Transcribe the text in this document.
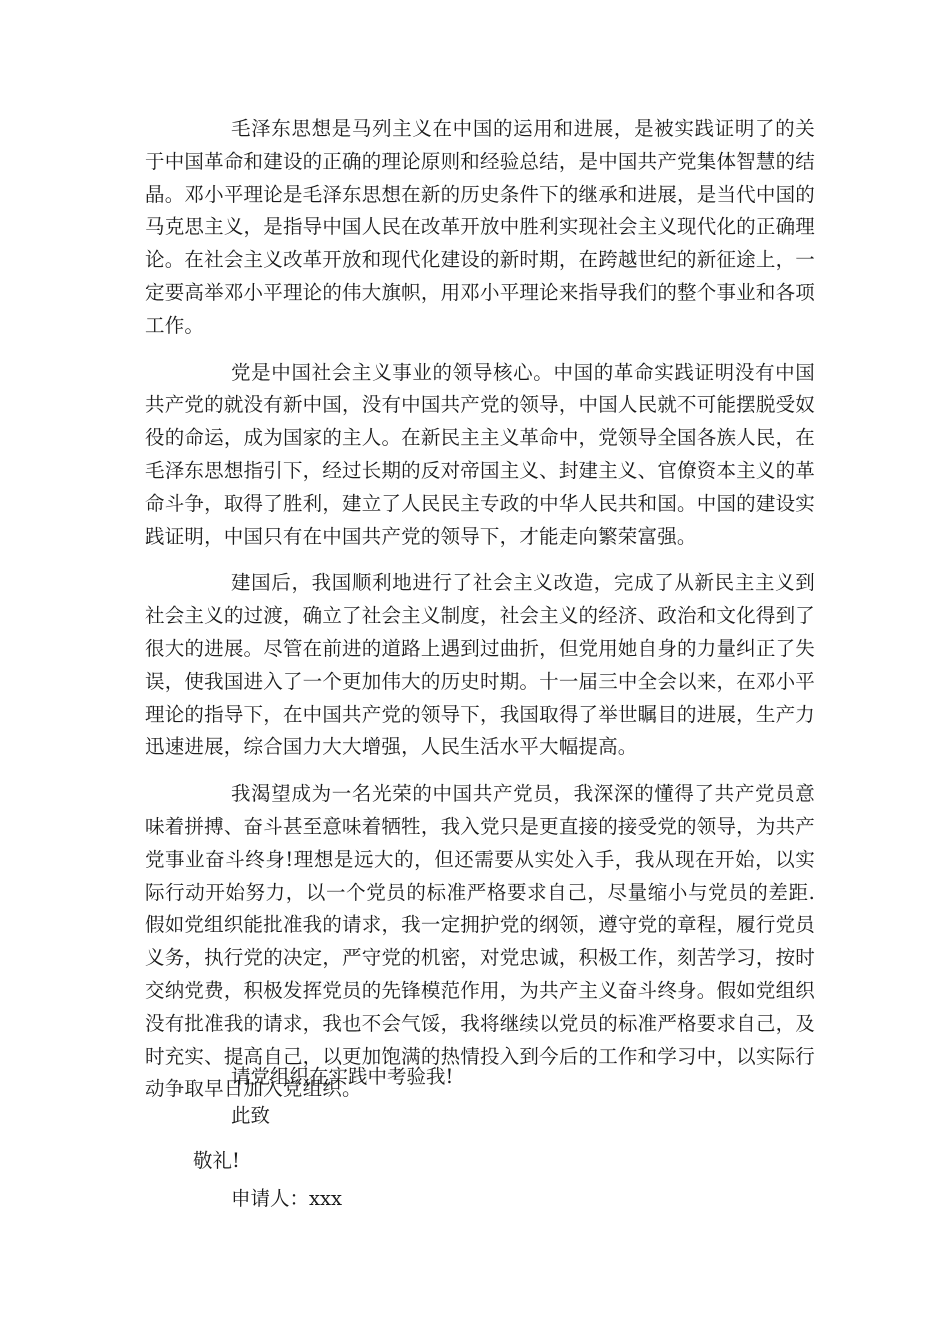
毛泽东思想是马列主义在中国的运用和进展，是被实践证明了的关于中国革命和建设的正确的理论原则和经验总结，是中国共产党集体智慧的结晶。邓小平理论是毛泽东思想在新的历史条件下的继承和进展，是当代中国的马克思主义，是指导中国人民在改革开放中胜利实现社会主义现代化的正确理论。在社会主义改革开放和现代化建设的新时期，在跨越世纪的新征途上，一定要高举邓小平理论的伟大旗帜，用邓小平理论来指导我们的整个事业和各项工作。

党是中国社会主义事业的领导核心。中国的革命实践证明没有中国共产党的就没有新中国，没有中国共产党的领导，中国人民就不可能摆脱受奴役的命运，成为国家的主人。在新民主主义革命中，党领导全国各族人民，在毛泽东思想指引下，经过长期的反对帝国主义、封建主义、官僚资本主义的革命斗争，取得了胜利，建立了人民民主专政的中华人民共和国。中国的建设实践证明，中国只有在中国共产党的领导下，才能走向繁荣富强。

建国后，我国顺利地进行了社会主义改造，完成了从新民主主义到社会主义的过渡，确立了社会主义制度，社会主义的经济、政治和文化得到了很大的进展。尽管在前进的道路上遇到过曲折，但党用她自身的力量纠正了失误，使我国进入了一个更加伟大的历史时期。十一届三中全会以来，在邓小平理论的指导下，在中国共产党的领导下，我国取得了举世瞩目的进展，生产力迅速进展，综合国力大大增强，人民生活水平大幅提高。

我渴望成为一名光荣的中国共产党员，我深深的懂得了共产党员意味着拼搏、奋斗甚至意味着牺牲，我入党只是更直接的接受党的领导，为共产党事业奋斗终身!理想是远大的，但还需要从实处入手，我从现在开始，以实际行动开始努力，以一个党员的标准严格要求自己，尽量缩小与党员的差距.假如党组织能批准我的请求，我一定拥护党的纲领，遵守党的章程，履行党员义务，执行党的决定，严守党的机密，对党忠诚，积极工作，刻苦学习，按时交纳党费，积极发挥党员的先锋模范作用，为共产主义奋斗终身。假如党组织没有批准我的请求，我也不会气馁，我将继续以党员的标准严格要求自己，及时充实、提高自己，以更加饱满的热情投入到今后的工作和学习中，以实际行动争取早日加入党组织。

请党组织在实践中考验我!
此致
敬礼!
申请人：xxx
